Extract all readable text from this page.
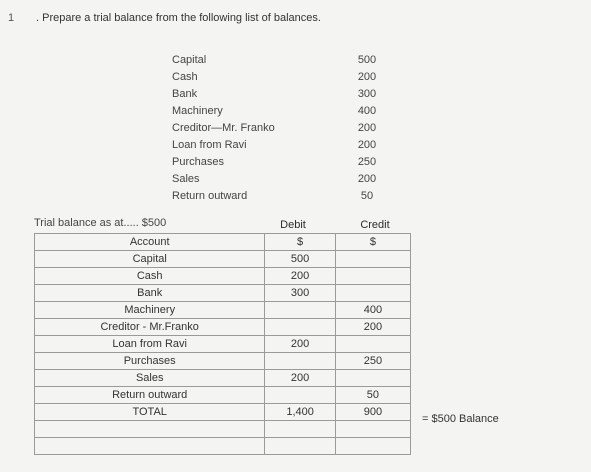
1 . Prepare a trial balance from the following list of balances.
Capital	500
Cash	200
Bank	300
Machinery	400
Creditor—Mr. Franko	200
Loan from Ravi	200
Purchases	250
Sales	200
Return outward	50
Trial balance as at..... $500	Debit	Credit
Account	$	$
Capital	500	
Cash	200	
Bank	300	
Machinery		400
Creditor - Mr.Franko		200
Loan from Ravi	200	
Purchases		250
Sales	200	
Return outward		50
TOTAL	1,400	900

= $500 Balance
